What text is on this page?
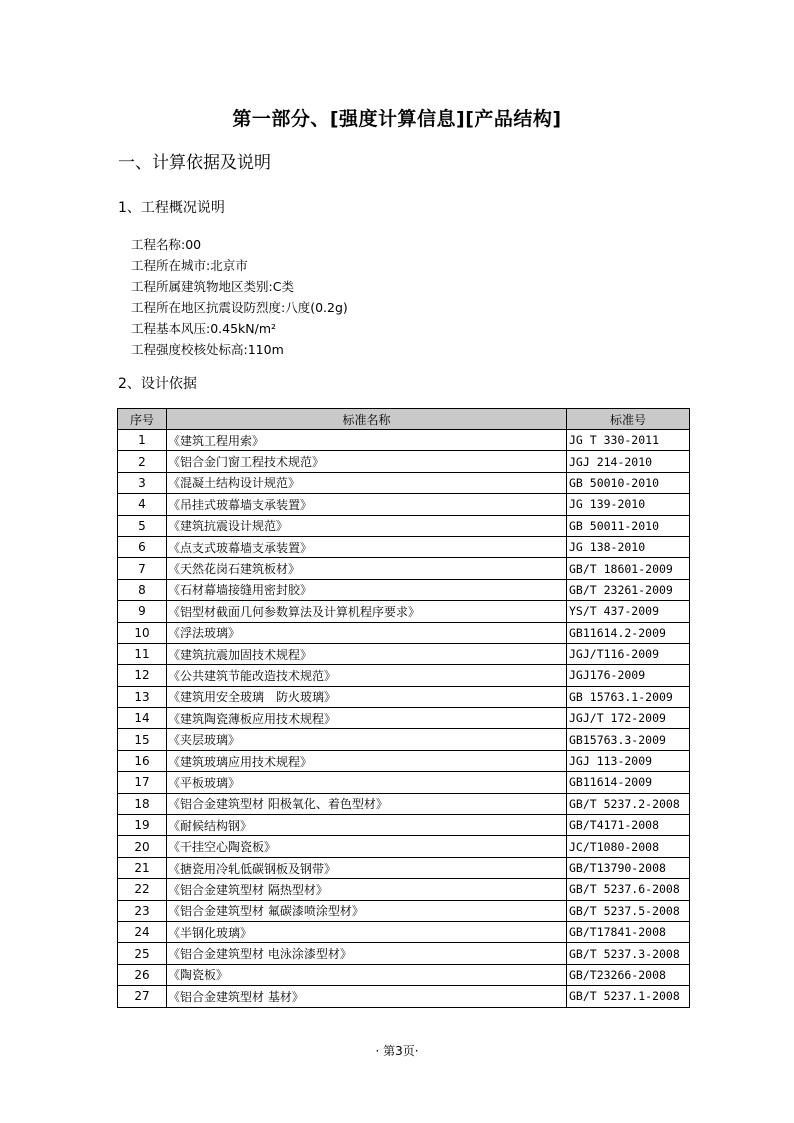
第一部分、[强度计算信息][产品结构]
一、计算依据及说明
1、工程概况说明
工程名称:00
工程所在城市:北京市
工程所属建筑物地区类别:C类
工程所在地区抗震设防烈度:八度(0.2g)
工程基本风压:0.45kN/m²
工程强度校核处标高:110m
2、设计依据
序号	标准名称	标准号
1	《建筑工程用索》	JG T 330-2011
2	《铝合金门窗工程技术规范》	JGJ 214-2010
3	《混凝土结构设计规范》	GB 50010-2010
4	《吊挂式玻幕墙支承装置》	JG 139-2010
5	《建筑抗震设计规范》	GB 50011-2010
6	《点支式玻幕墙支承装置》	JG 138-2010
7	《天然花岗石建筑板材》	GB/T 18601-2009
8	《石材幕墙接缝用密封胶》	GB/T 23261-2009
9	《铝型材截面几何参数算法及计算机程序要求》	YS/T 437-2009
10	《浮法玻璃》	GB11614.2-2009
11	《建筑抗震加固技术规程》	JGJ/T116-2009
12	《公共建筑节能改造技术规范》	JGJ176-2009
13	《建筑用安全玻璃　防火玻璃》	GB 15763.1-2009
14	《建筑陶瓷薄板应用技术规程》	JGJ/T 172-2009
15	《夹层玻璃》	GB15763.3-2009
16	《建筑玻璃应用技术规程》	JGJ 113-2009
17	《平板玻璃》	GB11614-2009
18	《铝合金建筑型材 阳极氧化、着色型材》	GB/T 5237.2-2008
19	《耐候结构钢》	GB/T4171-2008
20	《干挂空心陶瓷板》	JC/T1080-2008
21	《搪瓷用冷轧低碳钢板及钢带》	GB/T13790-2008
22	《铝合金建筑型材 隔热型材》	GB/T 5237.6-2008
23	《铝合金建筑型材 氟碳漆喷涂型材》	GB/T 5237.5-2008
24	《半钢化玻璃》	GB/T17841-2008
25	《铝合金建筑型材 电泳涂漆型材》	GB/T 5237.3-2008
26	《陶瓷板》	GB/T23266-2008
27	《铝合金建筑型材 基材》	GB/T 5237.1-2008
· 第3页·
